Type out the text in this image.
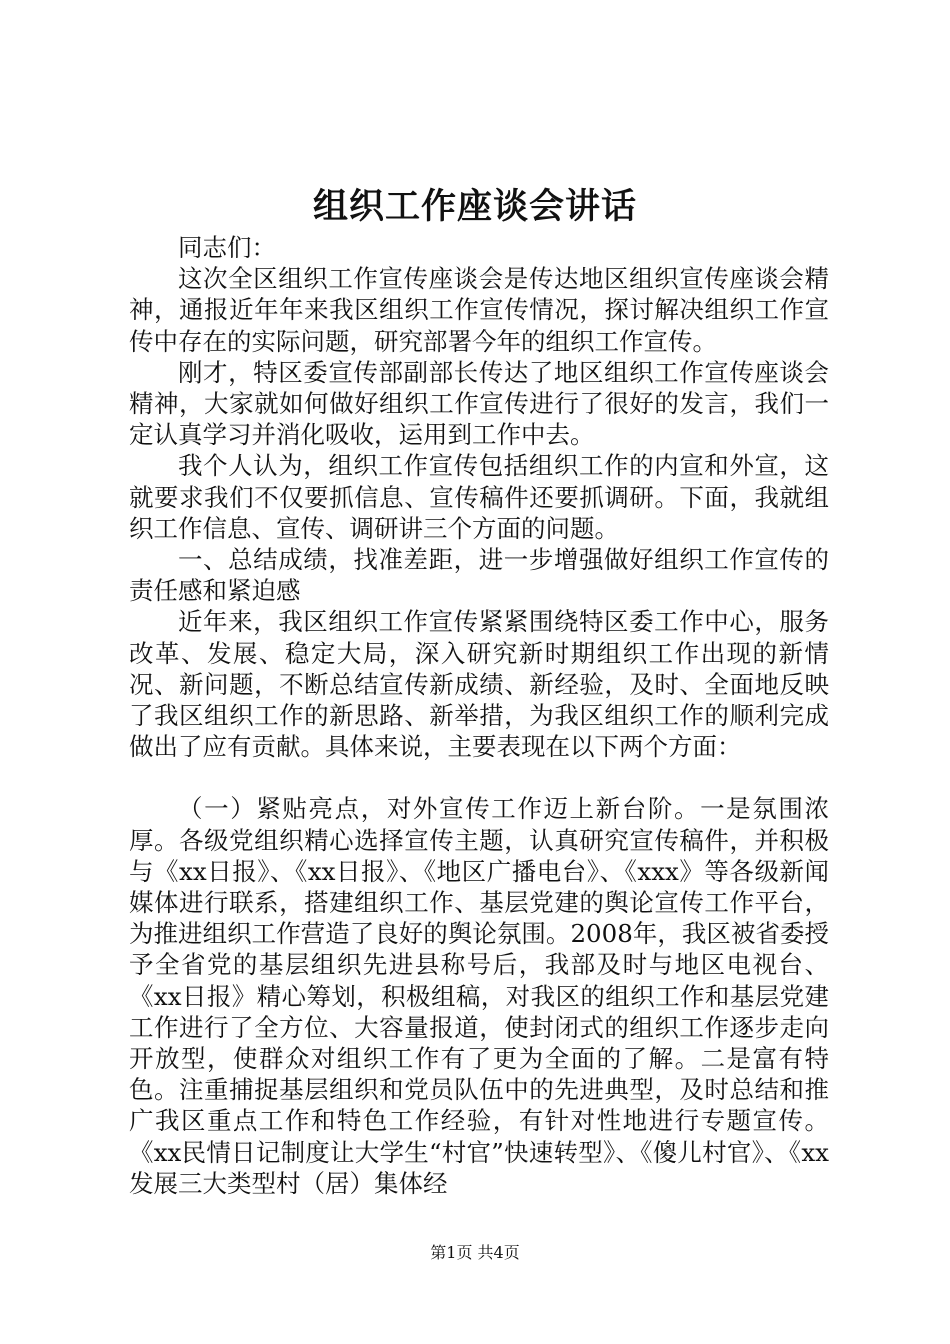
组织工作座谈会讲话

同志们：

这次全区组织工作宣传座谈会是传达地区组织宣传座谈会精神，通报近年年来我区组织工作宣传情况，探讨解决组织工作宣传中存在的实际问题，研究部署今年的组织工作宣传。

刚才，特区委宣传部副部长传达了地区组织工作宣传座谈会精神，大家就如何做好组织工作宣传进行了很好的发言，我们一定认真学习并消化吸收，运用到工作中去。

我个人认为，组织工作宣传包括组织工作的内宣和外宣，这就要求我们不仅要抓信息、宣传稿件还要抓调研。下面，我就组织工作信息、宣传、调研讲三个方面的问题。

一、总结成绩，找准差距，进一步增强做好组织工作宣传的责任感和紧迫感

近年来，我区组织工作宣传紧紧围绕特区委工作中心，服务改革、发展、稳定大局，深入研究新时期组织工作出现的新情况、新问题，不断总结宣传新成绩、新经验，及时、全面地反映了我区组织工作的新思路、新举措，为我区组织工作的顺利完成做出了应有贡献。具体来说，主要表现在以下两个方面：

（一）紧贴亮点，对外宣传工作迈上新台阶。一是氛围浓厚。各级党组织精心选择宣传主题，认真研究宣传稿件，并积极与《xx日报》、《xx日报》、《地区广播电台》、《xxx》等各级新闻媒体进行联系，搭建组织工作、基层党建的舆论宣传工作平台，为推进组织工作营造了良好的舆论氛围。2008年，我区被省委授予全省党的基层组织先进县称号后，我部及时与地区电视台、《xx日报》精心筹划，积极组稿，对我区的组织工作和基层党建工作进行了全方位、大容量报道，使封闭式的组织工作逐步走向开放型，使群众对组织工作有了更为全面的了解。二是富有特色。注重捕捉基层组织和党员队伍中的先进典型，及时总结和推广我区重点工作和特色工作经验，有针对性地进行专题宣传。《xx民情日记制度让大学生“村官”快速转型》、《傻儿村官》、《xx发展三大类型村（居）集体经

第1页 共4页
